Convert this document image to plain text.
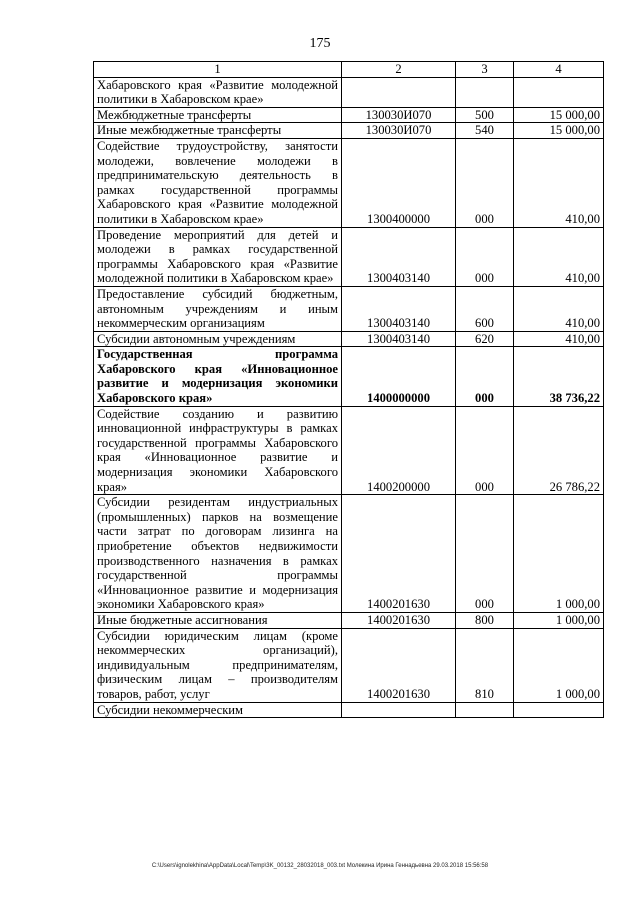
175
1	2	3	4
Хабаровского края «Развитие молодежной политики в Хабаровском крае»			
Межбюджетные трансферты	130030И070	500	15 000,00
Иные межбюджетные трансферты	130030И070	540	15 000,00
Содействие трудоустройству, занятости молодежи, вовлечение молодежи в предпринимательскую деятельность в рамках государственной программы Хабаровского края «Развитие молодежной политики в Хабаровском крае»	1300400000	000	410,00
Проведение мероприятий для детей и молодежи в рамках государственной программы Хабаровского края «Развитие молодежной политики в Хабаровском крае»	1300403140	000	410,00
Предоставление субсидий бюджетным, автономным учреждениям и иным некоммерческим организациям	1300403140	600	410,00
Субсидии автономным учреждениям	1300403140	620	410,00
Государственная программа Хабаровского края «Инновационное развитие и модернизация экономики Хабаровского края»	1400000000	000	38 736,22
Содействие созданию и развитию инновационной инфраструктуры в рамках государственной программы Хабаровского края «Инновационное развитие и модернизация экономики Хабаровского края»	1400200000	000	26 786,22
Субсидии резидентам индустриальных (промышленных) парков на возмещение части затрат по договорам лизинга на приобретение объектов недвижимости производственного назначения в рамках государственной программы «Инновационное развитие и модернизация экономики Хабаровского края»	1400201630	000	1 000,00
Иные бюджетные ассигнования	1400201630	800	1 000,00
Субсидии юридическим лицам (кроме некоммерческих организаций), индивидуальным предпринимателям, физическим лицам – производителям товаров, работ, услуг	1400201630	810	1 000,00
Субсидии некоммерческим			
C:\Users\ignolekhina\AppData\Local\Temp\3K_00132_28032018_003.txt Молекина Ирина Геннадьевна 29.03.2018 15:56:58
